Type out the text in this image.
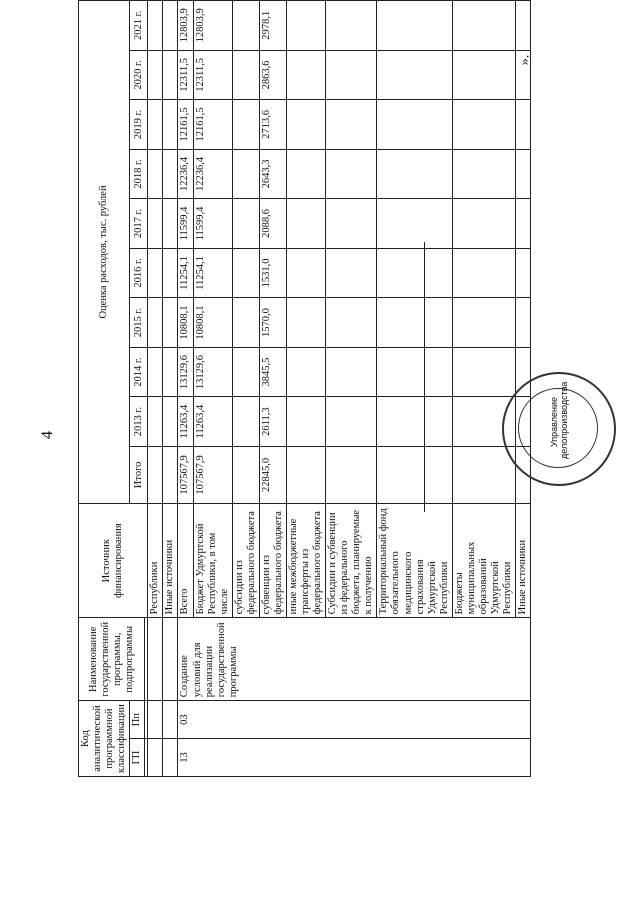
Код аналитической программной классификации		Наименование государственной программы, подпрограммы	Источник финансирования	Оценка расходов, тыс. рублей									
ГП	Пп			Итого	2013 г.	2014 г.	2015 г.	2016 г.	2017 г.	2018 г.	2019 г.	2020 г.	2021 г.

			Республики										
			Иные источники										
13	03	Создание условий для реализации государственной программы	Всего	107567,9	11263,4	13129,6	10808,1	11254,1	11599,4	12236,4	12161,5	12311,5	12803,9
			Бюджет Удмуртской Республики, в том числе	107567,9	11263,4	13129,6	10808,1	11254,1	11599,4	12236,4	12161,5	12311,5	12803,9
			субсидии из федерального бюджета										
			субвенции из федерального бюджета	22845,0	2611,3	3845,5	1570,0	1531,0	2088,6	2643,3	2713,6	2863,6	2978,1
			иные межбюджетные трансферты из федерального бюджета										
			Субсидии и субвенции из федерального бюджета, планируемые к получению										
			Территориальный фонд обязательного медицинского страхования Удмуртской Республики										
			Бюджеты муниципальных образований Удмуртской Республики										
			Иные источники										
4
».
Управление делопроизводства
